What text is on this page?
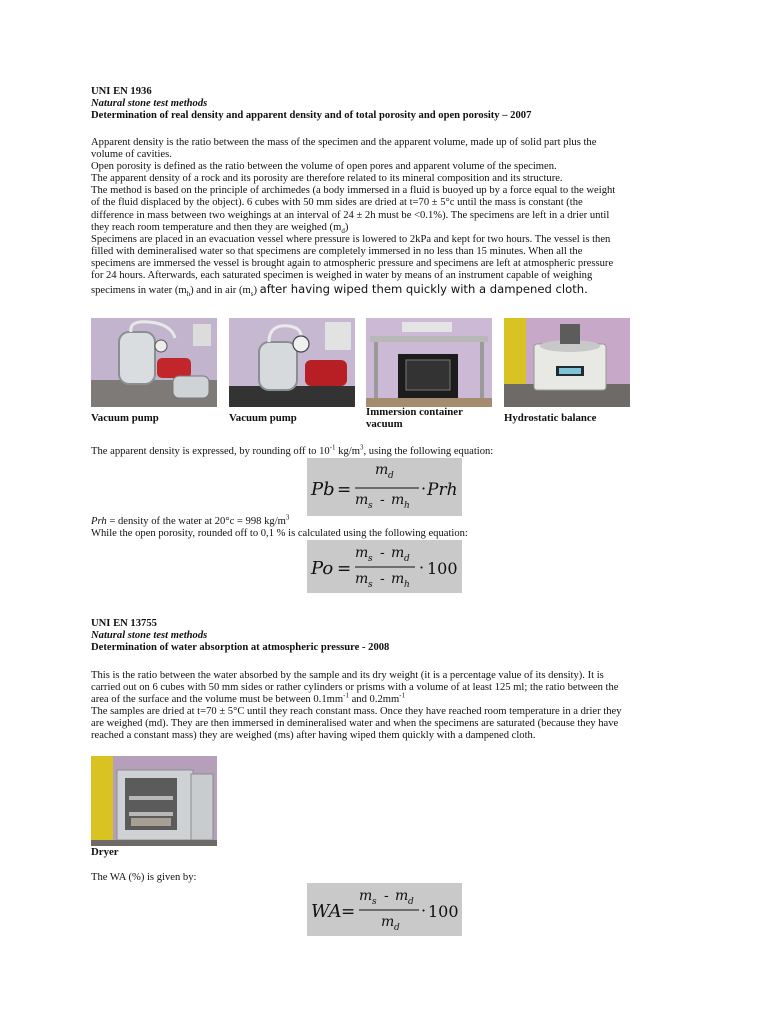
UNI EN 1936
Natural stone test methods
Determination of real density and apparent density and of total porosity and open porosity – 2007
Apparent density is the ratio between the mass of the specimen and the apparent volume, made up of solid part plus the
volume of cavities.
Open porosity is defined as the ratio between the volume of open pores and apparent volume of the specimen.
The apparent density of a rock and its porosity are therefore related to its mineral composition and its structure.
The method is based on the principle of archimedes (a body immersed in a fluid is buoyed up by a force equal to the weight
of the fluid displaced by the object). 6 cubes with 50 mm sides are dried at t=70 ± 5°c until the mass is constant (the
difference in mass between two weighings at an interval of 24 ± 2h must be <0.1%). The specimens are left in a drier until
they reach room temperature and then they are weighed $(m_d)$
Specimens are placed in an evacuation vessel where pressure is lowered to 2kPa and kept for two hours. The vessel is then
filled with demineralised water so that specimens are completely immersed in no less than 15 minutes. When all the
specimens are immersed the vessel is brought again to atmospheric pressure and specimens are left at atmospheric pressure
for 24 hours. Afterwards, each saturated specimen is weighed in water by means of an instrument capable of weighing
specimens in water $(m_h)$ and in air $(m_s)$ after having wiped them quickly with a dampened cloth.
Vacuum pump	Vacuum pump	Immersion container vacuum	Hydrostatic balance
The apparent density is expressed, by rounding off to $10^{-1}$ $kg/m^3$, using the following equation:
Pb =
m d
m s - m h
· Prh
Prh = density of the water at 20°c = 998 $kg/m^3$
While the open porosity, rounded off to 0,1 % is calculated using the following equation:
Po =
m s - m d
m s - m h
· 100
UNI EN 13755
Natural stone test methods
Determination of water absorption at atmospheric pressure - 2008
This is the ratio between the water absorbed by the sample and its dry weight (it is a percentage value of its density). It is
carried out on 6 cubes with 50 mm sides or rather cylinders or prisms with a volume of at least 125 ml; the ratio between the
area of the surface and the volume must be between $0.1mm^{-1}$ and $0.2mm^{-1}$
The samples are dried at t=70 ± 5°C until they reach constant mass. Once they have reached room temperature in a drier they
are weighed (md). They are then immersed in demineralised water and when the specimens are saturated (because they have
reached a constant mass) they are weighed (ms) after having wiped them quickly with a dampened cloth.
Dryer
The WA (%) is given by:
WA =
m s - m d
m d
· 100
